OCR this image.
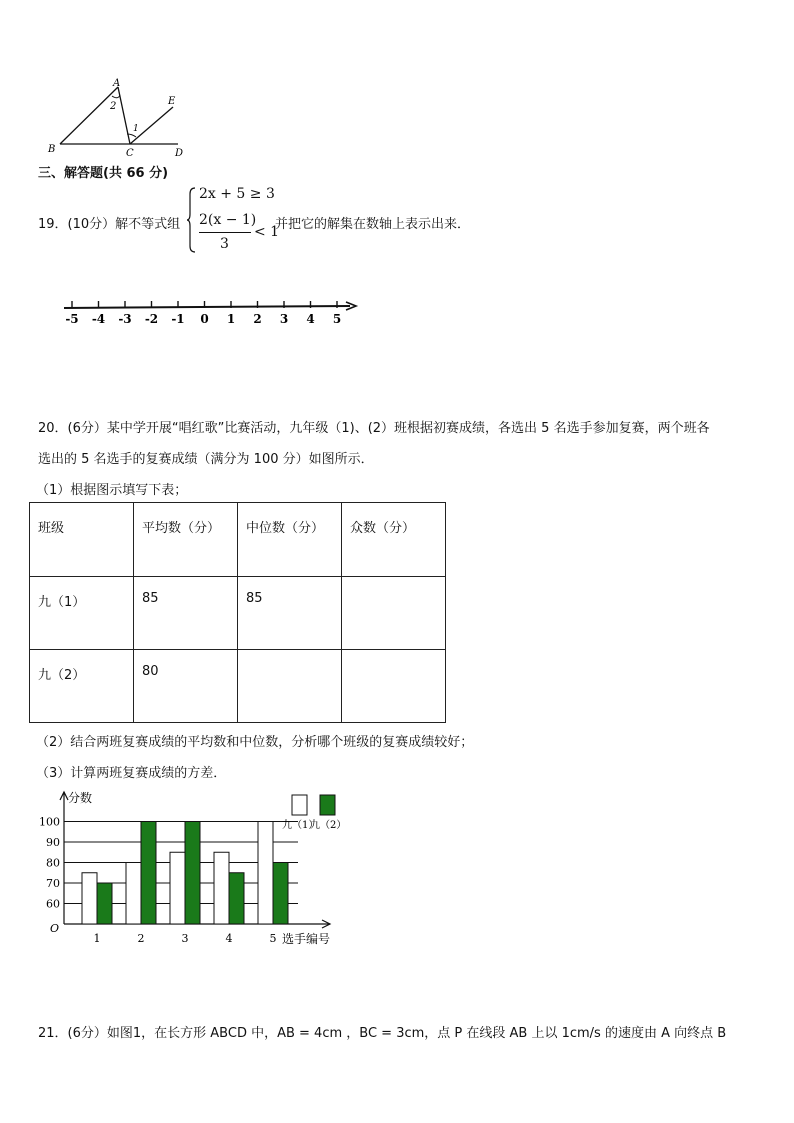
A
B	C	D
E
2
1
三、解答题(共 66 分)
19．(10分）解不等式组
2x + 5 ≥ 3
2(x − 1)
3
< 1
并把它的解集在数轴上表示出来．
-5 -4 -3 -2 -1 0 1 2 3 4 5
20．(6分）某中学开展“唱红歌”比赛活动，九年级（1)、(2）班根据初赛成绩，各选出 5 名选手参加复赛，两个班各
选出的 5 名选手的复赛成绩（满分为 100 分）如图所示．
（1）根据图示填写下表；
班级	平均数（分）	中位数（分）	众数（分）
九（1）	85	85	
九（2）	80		
（2）结合两班复赛成绩的平均数和中位数，分析哪个班级的复赛成绩较好；
（3）计算两班复赛成绩的方差．
60
70
80
90
100
分数
O
1	2	3	4	5 选手编号
九（1）
九（2）
21．(6分）如图1，在长方形 ABCD 中，AB = 4cm ，BC = 3cm，点 P 在线段 AB 上以 1cm/s 的速度由 A 向终点 B
